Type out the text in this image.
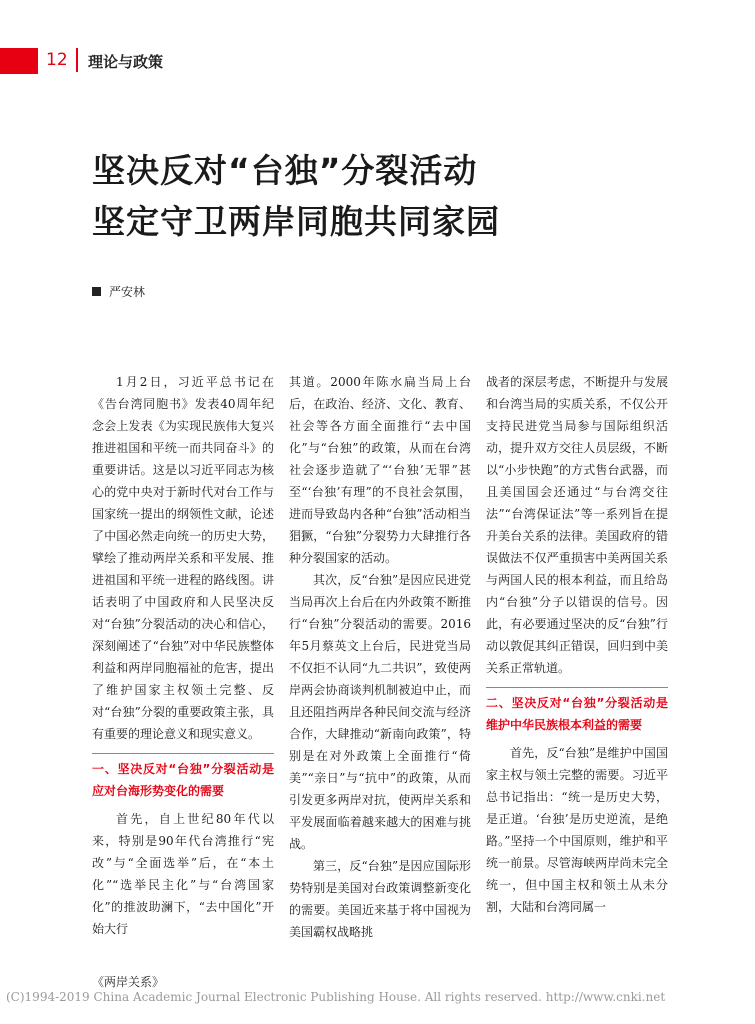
12 理论与政策
坚决反对“台独”分裂活动
坚定守卫两岸同胞共同家园
严安林

1月2日，习近平总书记在《告台湾同胞书》发表40周年纪念会上发表《为实现民族伟大复兴 推进祖国和平统一而共同奋斗》的重要讲话。这是以习近平同志为核心的党中央对于新时代对台工作与国家统一提出的纲领性文献，论述了中国必然走向统一的历史大势，擘绘了推动两岸关系和平发展、推进祖国和平统一进程的路线图。讲话表明了中国政府和人民坚决反对“台独”分裂活动的决心和信心，深刻阐述了“台独”对中华民族整体利益和两岸同胞福祉的危害，提出了维护国家主权领土完整、反对“台独”分裂的重要政策主张，具有重要的理论意义和现实意义。

一、坚决反对“台独”分裂活动是应对台海形势变化的需要

首先，自上世纪80年代以来，特别是90年代台湾推行“宪改”与“全面选举”后，在“本土化”“选举民主化”与“台湾国家化”的推波助澜下，“去中国化”开始大行

其道。2000年陈水扁当局上台后，在政治、经济、文化、教育、社会等各方面全面推行“去中国化”与“台独”的政策，从而在台湾社会逐步造就了“‘台独’无罪”甚至“‘台独’有理”的不良社会氛围，进而导致岛内各种“台独”活动相当猖獗，“台独”分裂势力大肆推行各种分裂国家的活动。

其次，反“台独”是因应民进党当局再次上台后在内外政策不断推行“台独”分裂活动的需要。2016年5月蔡英文上台后，民进党当局不仅拒不认同“九二共识”，致使两岸两会协商谈判机制被迫中止，而且还阻挡两岸各种民间交流与经济合作，大肆推动“新南向政策”，特别是在对外政策上全面推行“倚美”“亲日”与“抗中”的政策，从而引发更多两岸对抗，使两岸关系和平发展面临着越来越大的困难与挑战。

第三，反“台独”是因应国际形势特别是美国对台政策调整新变化的需要。美国近来基于将中国视为美国霸权战略挑

战者的深层考虑，不断提升与发展和台湾当局的实质关系，不仅公开支持民进党当局参与国际组织活动，提升双方交往人员层级，不断以“小步快跑”的方式售台武器，而且美国国会还通过“与台湾交往法”“台湾保证法”等一系列旨在提升美台关系的法律。美国政府的错误做法不仅严重损害中美两国关系与两国人民的根本利益，而且给岛内“台独”分子以错误的信号。因此，有必要通过坚决的反“台独”行动以敦促其纠正错误，回归到中美关系正常轨道。

二、坚决反对“台独”分裂活动是维护中华民族根本利益的需要

首先，反“台独”是维护中国国家主权与领土完整的需要。习近平总书记指出：“统一是历史大势，是正道。‘台独’是历史逆流，是绝路。”坚持一个中国原则，维护和平统一前景。尽管海峡两岸尚未完全统一，但中国主权和领土从未分割，大陆和台湾同属一

《两岸关系》
(C)1994-2019 China Academic Journal Electronic Publishing House. All rights reserved. http://www.cnki.net
